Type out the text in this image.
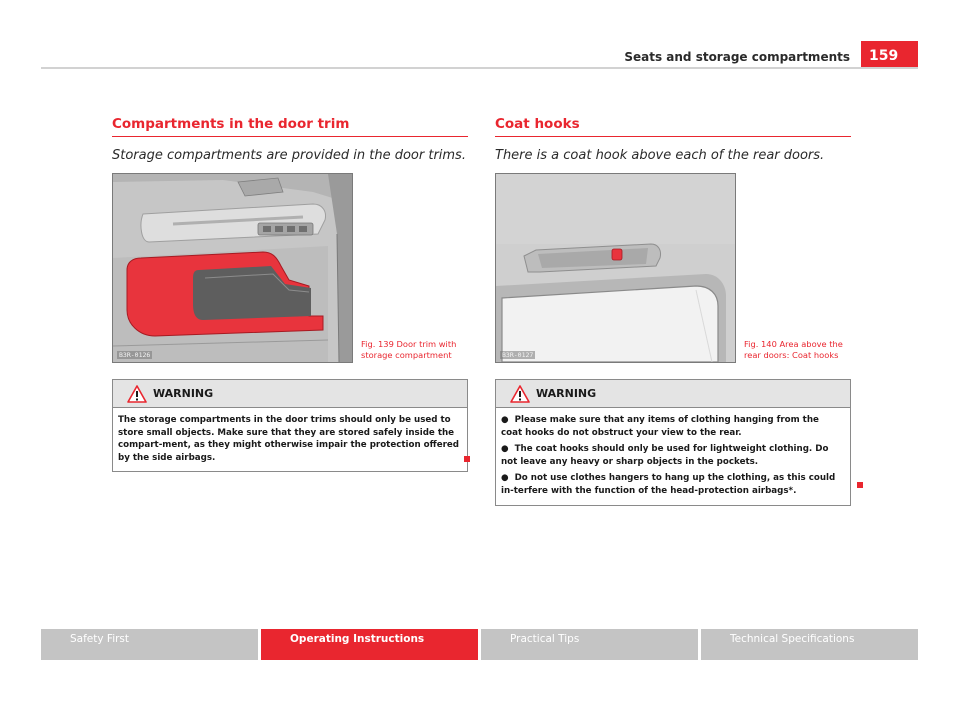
Seats and storage compartments	159
Compartments in the door trim
Storage compartments are provided in the door trims.
B3R-0126
Fig. 139 Door trim with storage compartment
WARNING

The storage compartments in the door trims should only be used to store small objects. Make sure that they are stored safely inside the compart-ment, as they might otherwise impair the protection offered by the side airbags.

Coat hooks
There is a coat hook above each of the rear doors.
B3R-0127
Fig. 140 Area above the rear doors: Coat hooks
WARNING

● Please make sure that any items of clothing hanging from the coat hooks do not obstruct your view to the rear.

● The coat hooks should only be used for lightweight clothing. Do not leave any heavy or sharp objects in the pockets.

● Do not use clothes hangers to hang up the clothing, as this could in-terfere with the function of the head-protection airbags*.

Safety First	Operating Instructions	Practical Tips	Technical Specifications
